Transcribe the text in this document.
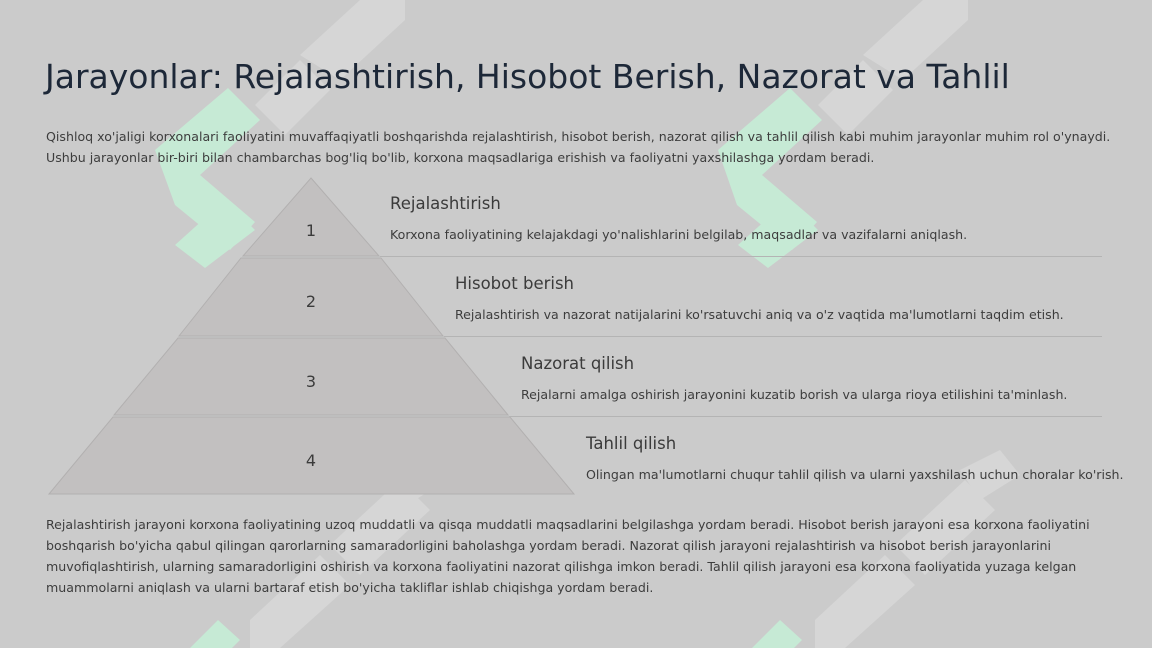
Jarayonlar: Rejalashtirish, Hisobot Berish, Nazorat va Tahlil

Qishloq xo'jaligi korxonalari faoliyatini muvaffaqiyatli boshqarishda rejalashtirish, hisobot berish, nazorat qilish va tahlil qilish kabi muhim jarayonlar muhim rol o'ynaydi. Ushbu jarayonlar bir-biri bilan chambarchas bog'liq bo'lib, korxona maqsadlariga erishish va faoliyatni yaxshilashga yordam beradi.

1
2
3
4
Rejalashtirish
Korxona faoliyatining kelajakdagi yo'nalishlarini belgilab, maqsadlar va vazifalarni aniqlash.
Hisobot berish
Rejalashtirish va nazorat natijalarini ko'rsatuvchi aniq va o'z vaqtida ma'lumotlarni taqdim etish.
Nazorat qilish
Rejalarni amalga oshirish jarayonini kuzatib borish va ularga rioya etilishini ta'minlash.
Tahlil qilish
Olingan ma'lumotlarni chuqur tahlil qilish va ularni yaxshilash uchun choralar ko'rish.

Rejalashtirish jarayoni korxona faoliyatining uzoq muddatli va qisqa muddatli maqsadlarini belgilashga yordam beradi. Hisobot berish jarayoni esa korxona faoliyatini boshqarish bo'yicha qabul qilingan qarorlarning samaradorligini baholashga yordam beradi. Nazorat qilish jarayoni rejalashtirish va hisobot berish jarayonlarini muvofiqlashtirish, ularning samaradorligini oshirish va korxona faoliyatini nazorat qilishga imkon beradi. Tahlil qilish jarayoni esa korxona faoliyatida yuzaga kelgan muammolarni aniqlash va ularni bartaraf etish bo'yicha takliflar ishlab chiqishga yordam beradi.
